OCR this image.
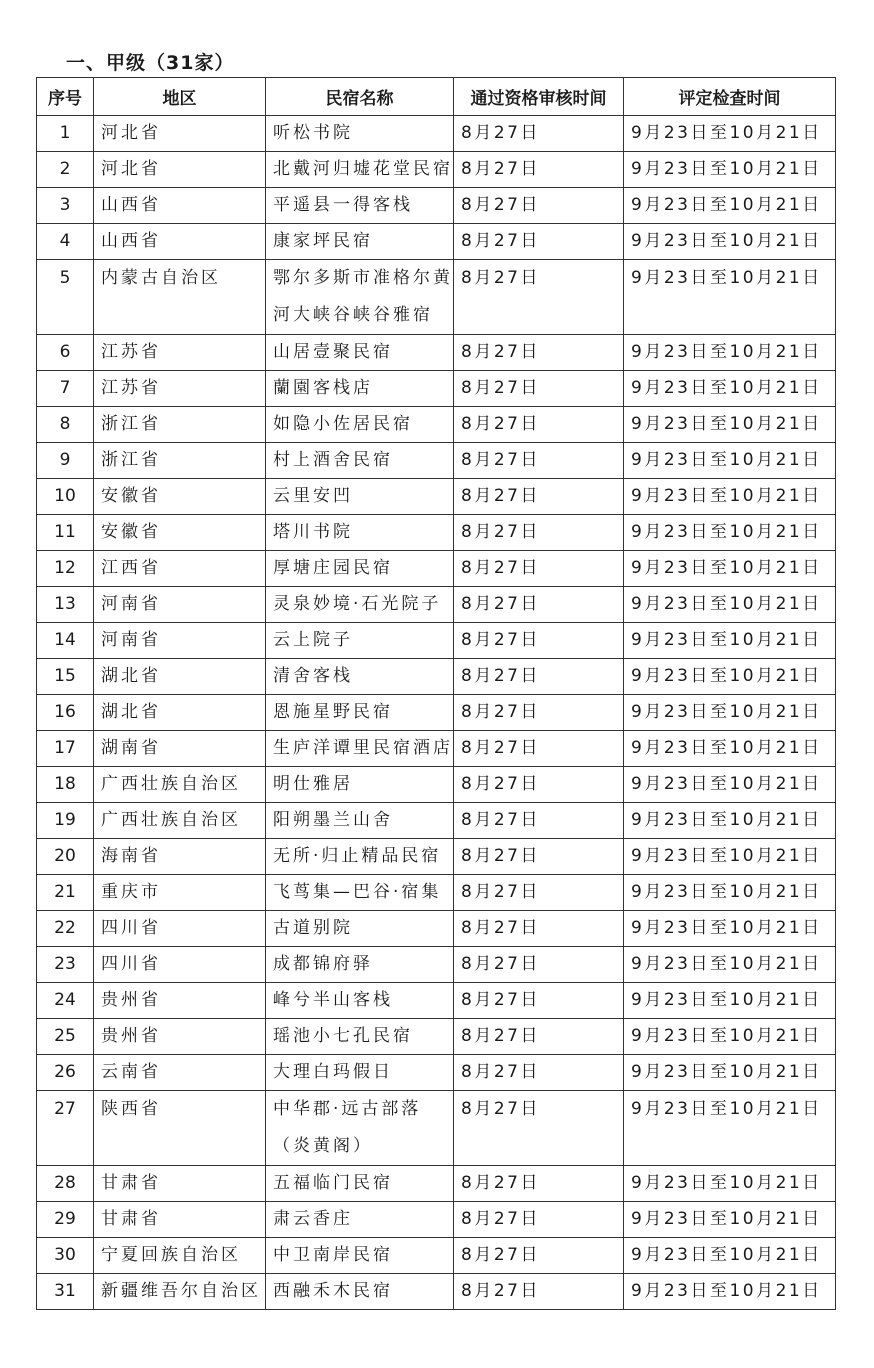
一、甲级（31家）
序号	地区	民宿名称	通过资格审核时间	评定检查时间
1	河北省	听松书院	8月27日	9月23日至10月21日
2	河北省	北戴河归墟花堂民宿	8月27日	9月23日至10月21日
3	山西省	平遥县一得客栈	8月27日	9月23日至10月21日
4	山西省	康家坪民宿	8月27日	9月23日至10月21日
5	内蒙古自治区	鄂尔多斯市准格尔黄河大峡谷峡谷雅宿	8月27日	9月23日至10月21日
6	江苏省	山居壹聚民宿	8月27日	9月23日至10月21日
7	江苏省	蘭園客栈店	8月27日	9月23日至10月21日
8	浙江省	如隐小佐居民宿	8月27日	9月23日至10月21日
9	浙江省	村上酒舍民宿	8月27日	9月23日至10月21日
10	安徽省	云里安凹	8月27日	9月23日至10月21日
11	安徽省	塔川书院	8月27日	9月23日至10月21日
12	江西省	厚塘庄园民宿	8月27日	9月23日至10月21日
13	河南省	灵泉妙境·石光院子	8月27日	9月23日至10月21日
14	河南省	云上院子	8月27日	9月23日至10月21日
15	湖北省	清舍客栈	8月27日	9月23日至10月21日
16	湖北省	恩施星野民宿	8月27日	9月23日至10月21日
17	湖南省	生庐洋谭里民宿酒店	8月27日	9月23日至10月21日
18	广西壮族自治区	明仕雅居	8月27日	9月23日至10月21日
19	广西壮族自治区	阳朔墨兰山舍	8月27日	9月23日至10月21日
20	海南省	无所·归止精品民宿	8月27日	9月23日至10月21日
21	重庆市	飞茑集—巴谷·宿集	8月27日	9月23日至10月21日
22	四川省	古道别院	8月27日	9月23日至10月21日
23	四川省	成都锦府驿	8月27日	9月23日至10月21日
24	贵州省	峰兮半山客栈	8月27日	9月23日至10月21日
25	贵州省	瑶池小七孔民宿	8月27日	9月23日至10月21日
26	云南省	大理白玛假日	8月27日	9月23日至10月21日
27	陕西省	中华郡·远古部落（炎黄阁）	8月27日	9月23日至10月21日
28	甘肃省	五福临门民宿	8月27日	9月23日至10月21日
29	甘肃省	肃云香庄	8月27日	9月23日至10月21日
30	宁夏回族自治区	中卫南岸民宿	8月27日	9月23日至10月21日
31	新疆维吾尔自治区	西融禾木民宿	8月27日	9月23日至10月21日
